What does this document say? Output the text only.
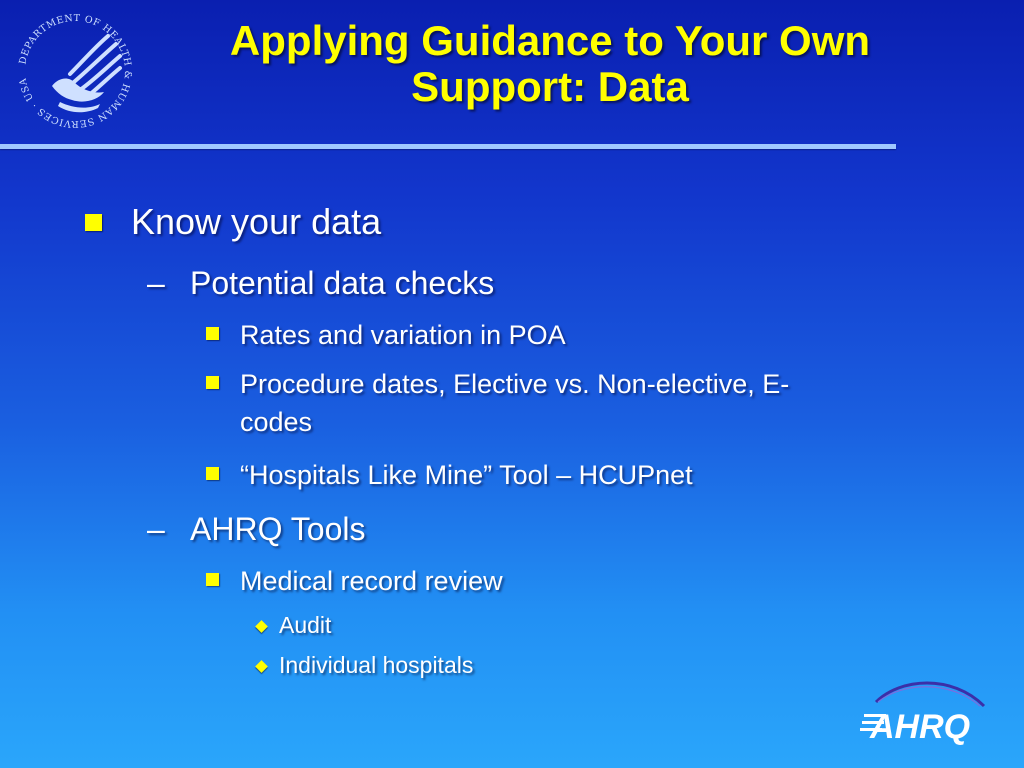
DEPARTMENT OF HEALTH & HUMAN SERVICES · USA
Applying Guidance to Your Own
Support: Data
Know your data
– Potential data checks
Rates and variation in POA
Procedure dates, Elective vs. Non-elective, E-
codes
“Hospitals Like Mine” Tool – HCUPnet
– AHRQ Tools
Medical record review
Audit
Individual hospitals
AHRQ
